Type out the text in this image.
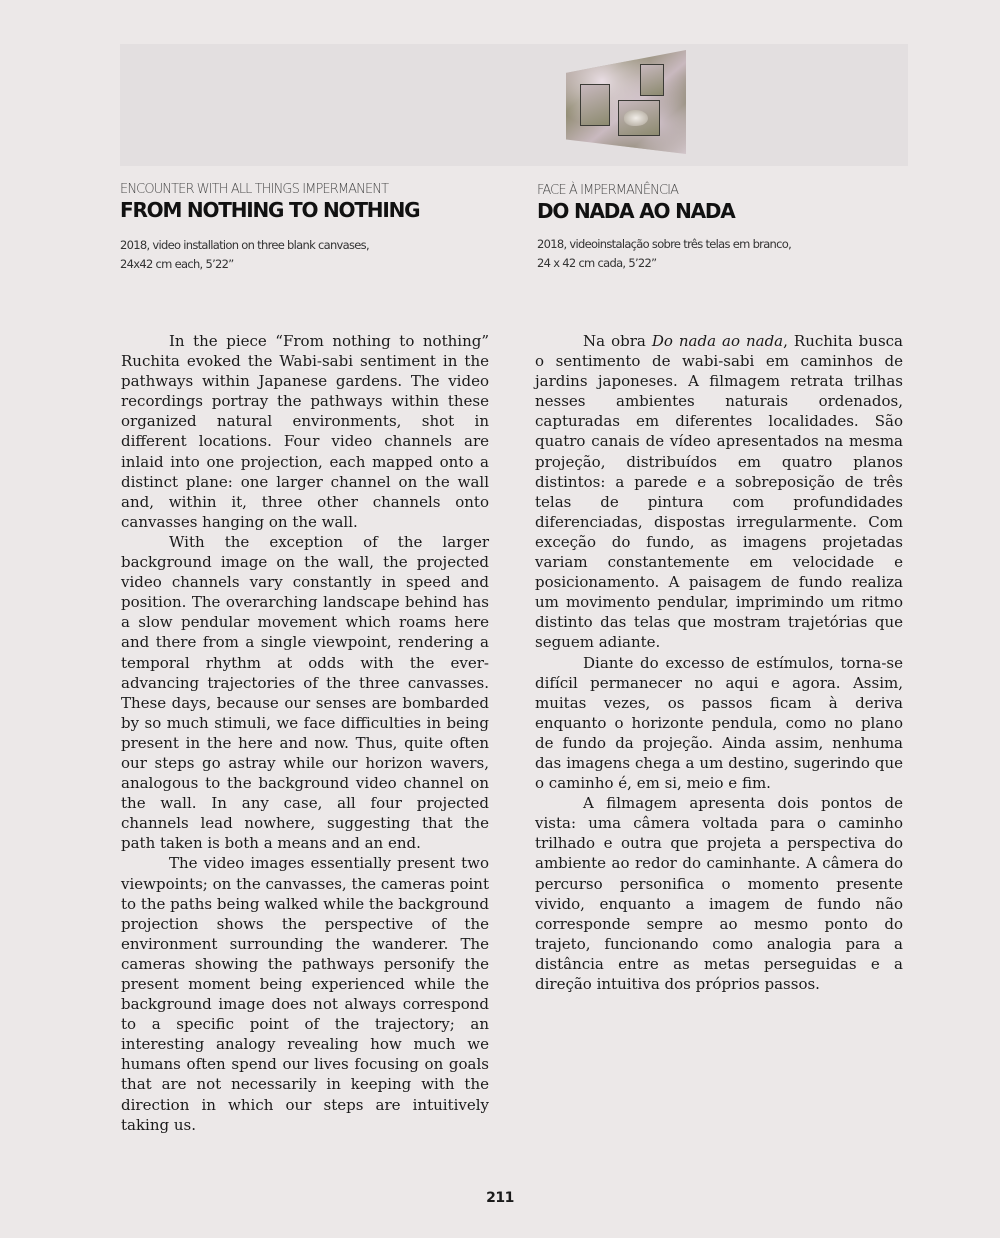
ENCOUNTER WITH ALL THINGS IMPERMANENT
FROM NOTHING TO NOTHING
2018, video installation on three blank canvases,
24x42 cm each, 5’22”
FACE À IMPERMANÊNCIA
DO NADA AO NADA
2018, videoinstalação sobre três telas em branco,
24 x 42 cm cada, 5’22”

In the piece “From nothing to nothing” Ruchita evoked the Wabi-sabi sentiment in the pathways within Japanese gardens. The video recordings portray the pathways within these organized natural environments, shot in different locations. Four video channels are inlaid into one projection, each mapped onto a distinct plane: one larger channel on the wall and, within it, three other channels onto canvasses hanging on the wall.

With the exception of the larger background image on the wall, the projected video channels vary constantly in speed and position. The overarching landscape behind has a slow pendular movement which roams here and there from a single viewpoint, rendering a temporal rhythm at odds with the ever-advancing trajectories of the three canvasses. These days, because our senses are bombarded by so much stimuli, we face difficulties in being present in the here and now. Thus, quite often our steps go astray while our horizon wavers, analogous to the background video channel on the wall. In any case, all four projected channels lead nowhere, suggesting that the path taken is both a means and an end.

The video images essentially present two viewpoints; on the canvasses, the cameras point to the paths being walked while the background projection shows the perspective of the environment surrounding the wanderer. The cameras showing the pathways personify the present moment being experienced while the background image does not always correspond to a specific point of the trajectory; an interesting analogy revealing how much we humans often spend our lives focusing on goals that are not necessarily in keeping with the direction in which our steps are intuitively taking us.

Na obra Do nada ao nada, Ruchita busca o sentimento de wabi-sabi em caminhos de jardins japoneses. A filmagem retrata trilhas nesses ambientes naturais ordenados, capturadas em diferentes localidades. São quatro canais de vídeo apresentados na mesma projeção, distribuídos em quatro planos distintos: a parede e a sobreposição de três telas de pintura com profundidades diferenciadas, dispostas irregularmente. Com exceção do fundo, as imagens projetadas variam constantemente em velocidade e posicionamento. A paisagem de fundo realiza um movimento pendular, imprimindo um ritmo distinto das telas que mostram trajetórias que seguem adiante.

Diante do excesso de estímulos, torna-se difícil permanecer no aqui e agora. Assim, muitas vezes, os passos ficam à deriva enquanto o horizonte pendula, como no plano de fundo da projeção. Ainda assim, nenhuma das imagens chega a um destino, sugerindo que o caminho é, em si, meio e fim.

A filmagem apresenta dois pontos de vista: uma câmera voltada para o caminho trilhado e outra que projeta a perspectiva do ambiente ao redor do caminhante. A câmera do percurso personifica o momento presente vivido, enquanto a imagem de fundo não corresponde sempre ao mesmo ponto do trajeto, funcionando como analogia para a distância entre as metas perseguidas e a direção intuitiva dos próprios passos.

211
